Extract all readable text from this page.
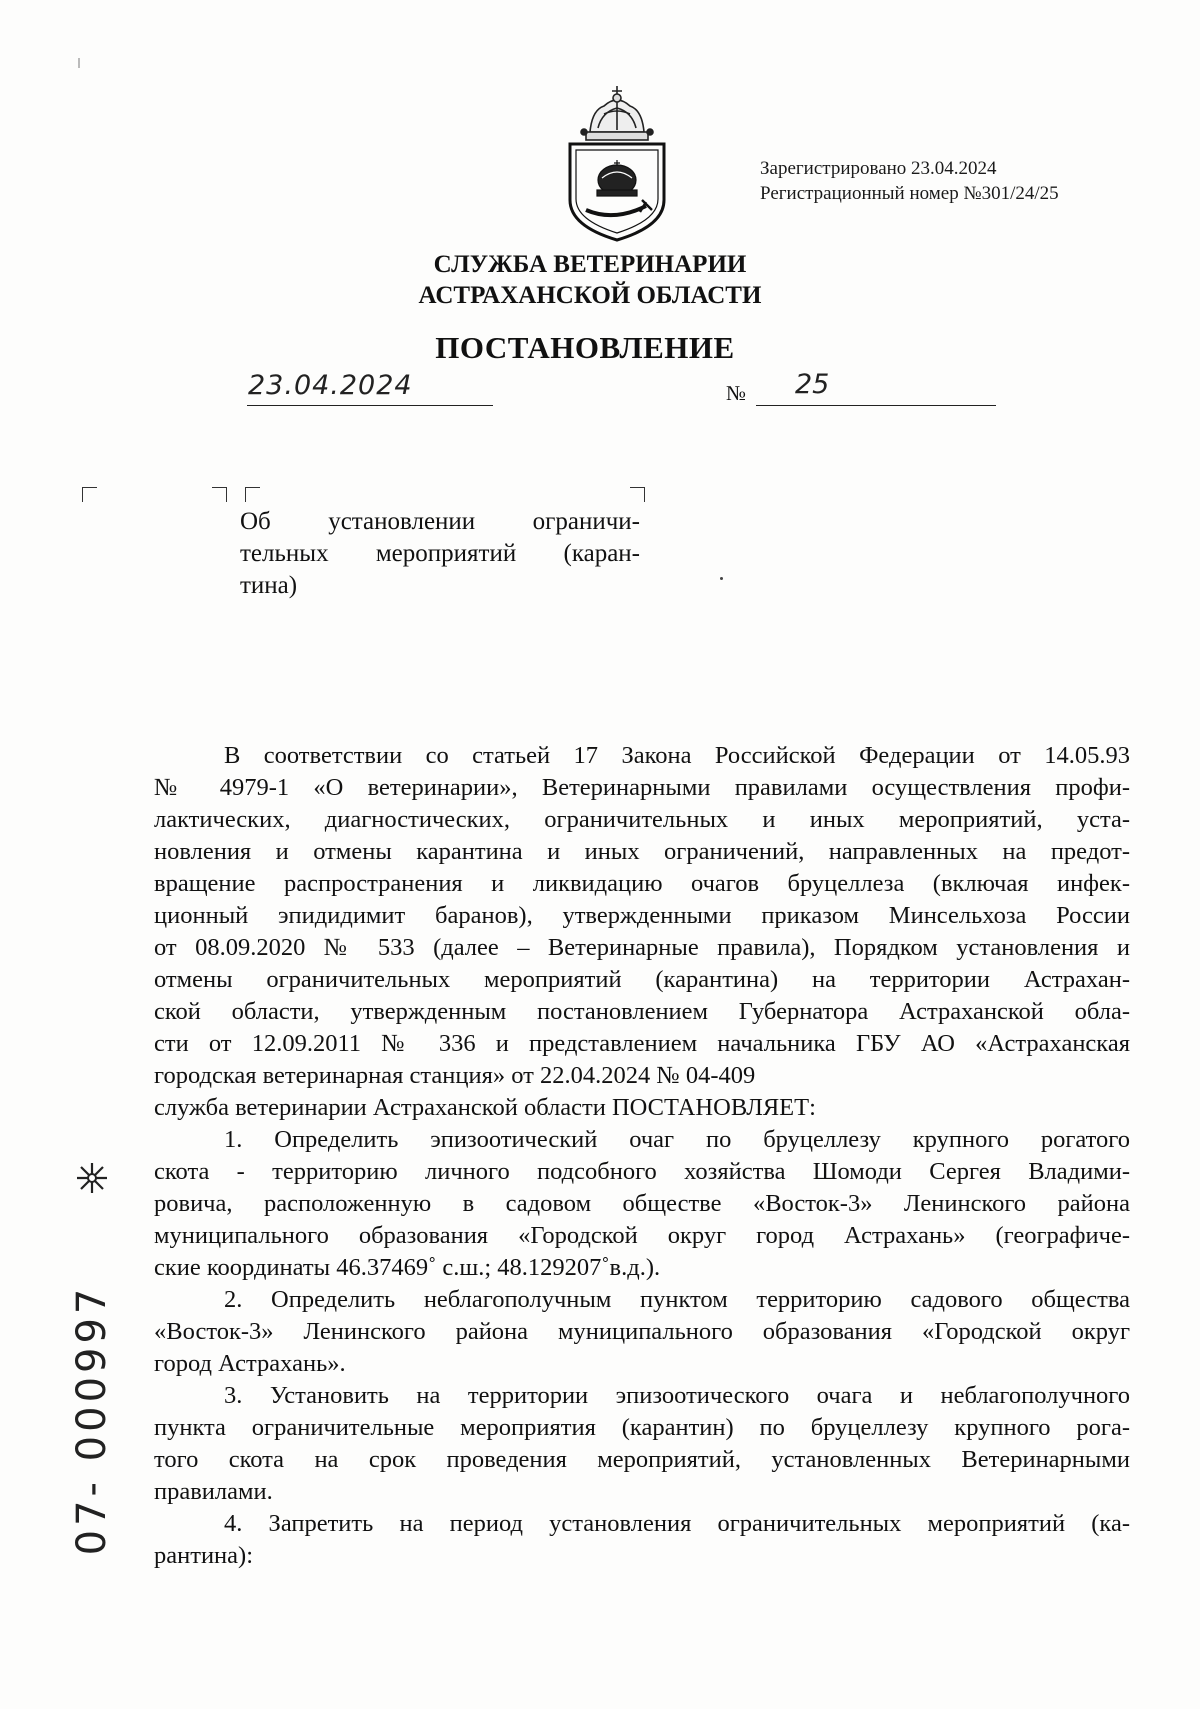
Зарегистрировано 23.04.2024
Регистрационный номер №301/24/25
СЛУЖБА ВЕТЕРИНАРИИ
АСТРАХАНСКОЙ ОБЛАСТИ
ПОСТАНОВЛЕНИЕ
23.04.2024	№ 25
Об установлении ограничи-
тельных мероприятий (каран-
тина)
В соответствии со статьей 17 Закона Российской Федерации от 14.05.93
№ 4979-1 «О ветеринарии», Ветеринарными правилами осуществления профи-
лактических, диагностических, ограничительных и иных мероприятий, уста-
новления и отмены карантина и иных ограничений, направленных на предот-
вращение распространения и ликвидацию очагов бруцеллеза (включая инфек-
ционный эпидидимит баранов), утвержденными приказом Минсельхоза России
от 08.09.2020 № 533 (далее – Ветеринарные правила), Порядком установления и
отмены ограничительных мероприятий (карантина) на территории Астрахан-
ской области, утвержденным постановлением Губернатора Астраханской обла-
сти от 12.09.2011 № 336 и представлением начальника ГБУ АО «Астраханская
городская ветеринарная станция» от 22.04.2024 № 04-409
служба ветеринарии Астраханской области ПОСТАНОВЛЯЕТ:
1. Определить эпизоотический очаг по бруцеллезу крупного рогатого
скота - территорию личного подсобного хозяйства Шомоди Сергея Владими-
ровича, расположенную в садовом обществе «Восток-3» Ленинского района
муниципального образования «Городской округ город Астрахань» (географиче-
ские координаты 46.37469˚ с.ш.; 48.129207˚в.д.).
2. Определить неблагополучным пунктом территорию садового общества
«Восток-3» Ленинского района муниципального образования «Городской округ
город Астрахань».
3. Установить на территории эпизоотического очага и неблагополучного
пункта ограничительные мероприятия (карантин) по бруцеллезу крупного рога-
того скота на срок проведения мероприятий, установленных Ветеринарными
правилами.
4. Запретить на период установления ограничительных мероприятий (ка-
рантина):
07- 000997
